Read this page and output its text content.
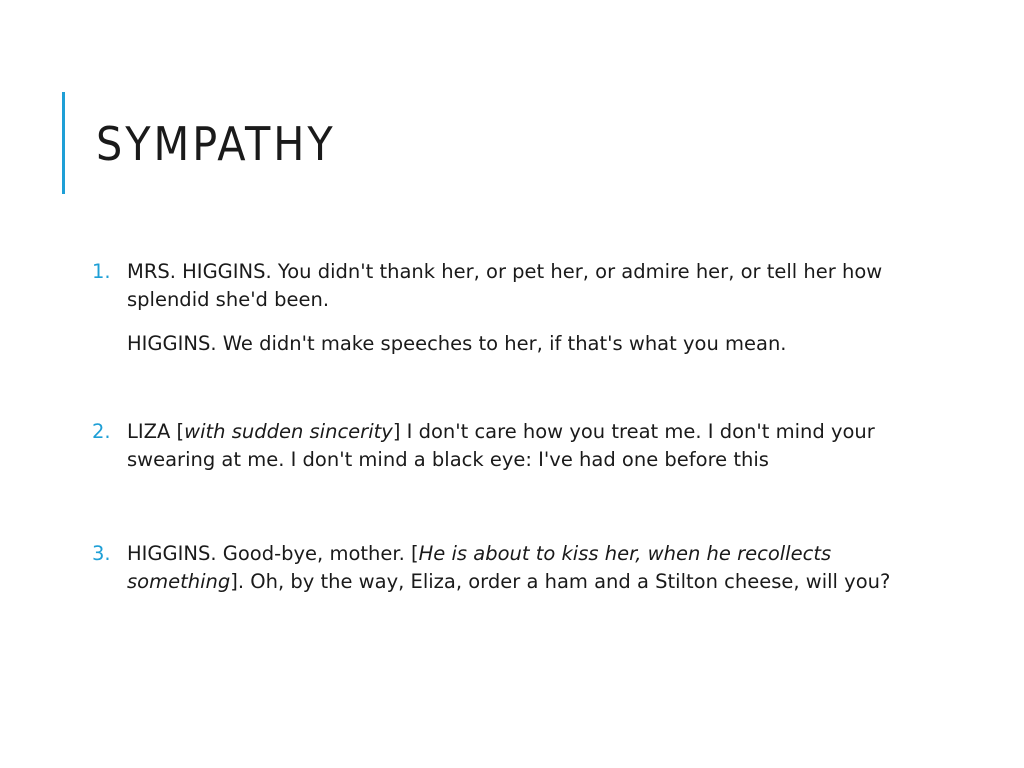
SYMPATHY
1. MRS. HIGGINS. You didn't thank her, or pet her, or admire her, or tell her how splendid she'd been.

HIGGINS. We didn't make speeches to her, if that's what you mean.

2. LIZA [with sudden sincerity] I don't care how you treat me. I don't mind your swearing at me. I don't mind a black eye: I've had one before this

3. HIGGINS. Good-bye, mother. [He is about to kiss her, when he recollects something]. Oh, by the way, Eliza, order a ham and a Stilton cheese, will you?
